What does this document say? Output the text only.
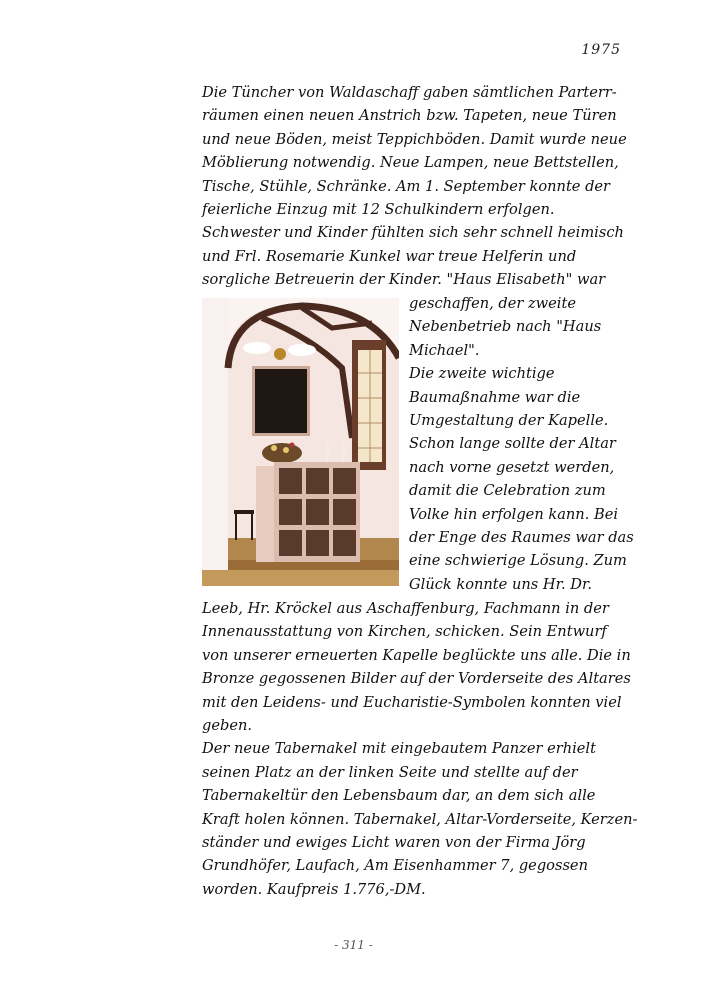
1975
Die Tüncher von Waldaschaff gaben sämtlichen Parterr-
räumen einen neuen Anstrich bzw. Tapeten, neue Türen
und neue Böden, meist Teppichböden. Damit wurde neue
Möblierung notwendig. Neue Lampen, neue Bettstellen,
Tische, Stühle, Schränke. Am 1. September konnte der
feierliche Einzug mit 12 Schulkindern erfolgen.
Schwester und Kinder fühlten sich sehr schnell heimisch
und Frl. Rosemarie Kunkel war treue Helferin und
sorgliche Betreuerin der Kinder. "Haus Elisabeth" war
geschaffen, der zweite
Nebenbetrieb nach "Haus
Michael".
Die zweite wichtige
Baumaßnahme war die
Umgestaltung der Kapelle.
Schon lange sollte der Altar
nach vorne gesetzt werden,
damit die Celebration zum
Volke hin erfolgen kann. Bei
der Enge des Raumes war das
eine schwierige Lösung. Zum
Glück konnte uns Hr. Dr.
Leeb, Hr. Kröckel aus Aschaffenburg, Fachmann in der
Innenausstattung von Kirchen, schicken. Sein Entwurf
von unserer erneuerten Kapelle beglückte uns alle. Die in
Bronze gegossenen Bilder auf der Vorderseite des Altares
mit den Leidens- und Eucharistie-Symbolen konnten viel
geben.
Der neue Tabernakel mit eingebautem Panzer erhielt
seinen Platz an der linken Seite und stellte auf der
Tabernakeltür den Lebensbaum dar, an dem sich alle
Kraft holen können. Tabernakel, Altar-Vorderseite, Kerzen-
ständer und ewiges Licht waren von der Firma Jörg
Grundhöfer, Laufach, Am Eisenhammer 7, gegossen
worden. Kaufpreis 1.776,-DM.
- 311 -
